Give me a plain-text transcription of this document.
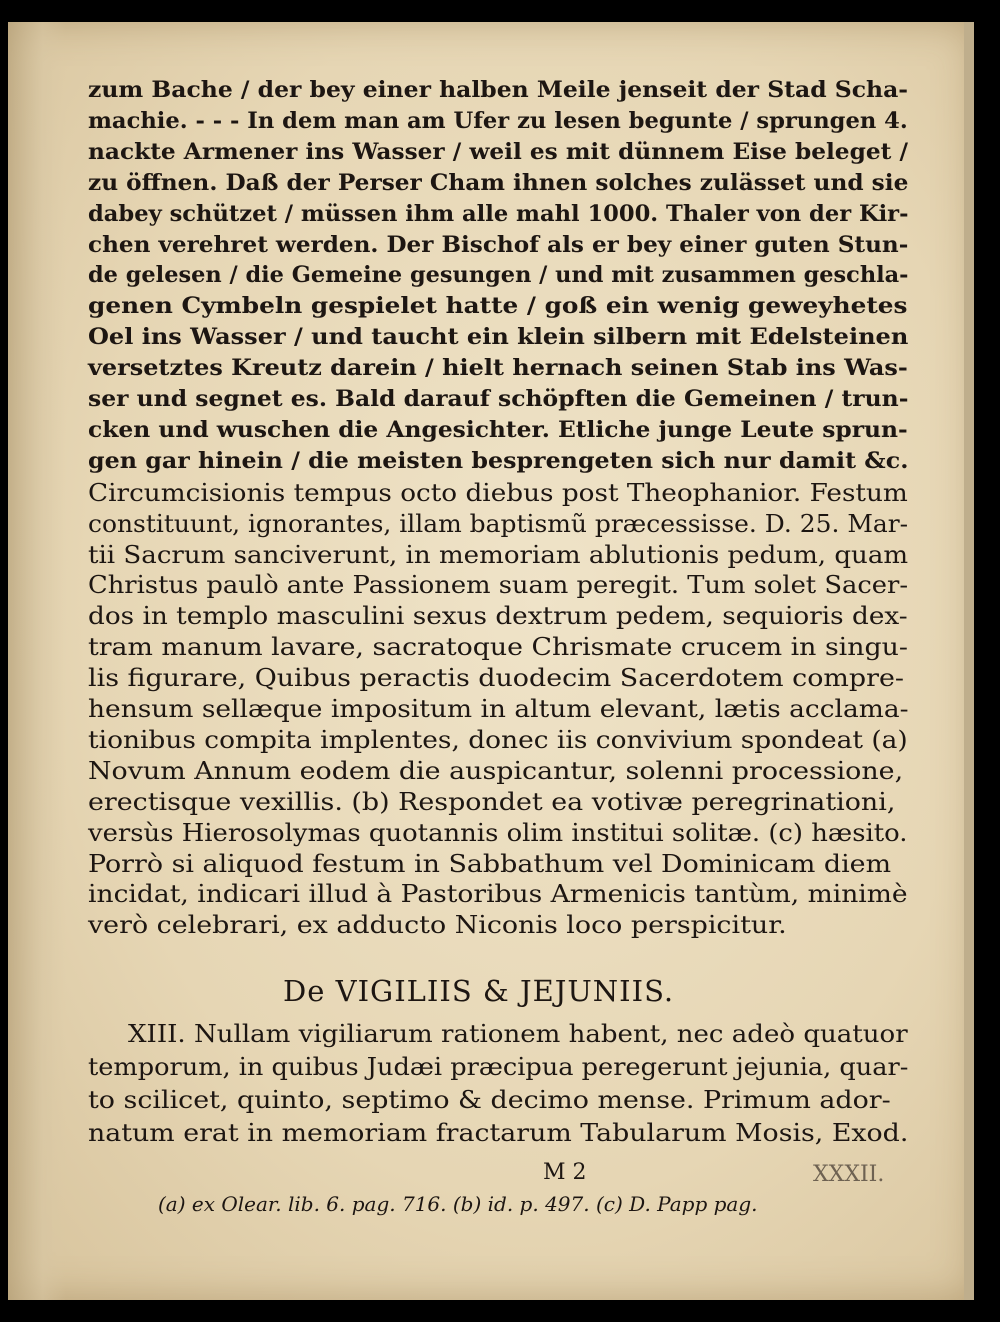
De VIGILIIS & JEJUNIIS.
M 2	XXXII.
(a) ex Olear. lib. 6. pag. 716. (b) id. p. 497. (c) D. Papp pag.
zum Bache / der bey einer halben Meile jenseit der Stad Scha-
machie. - - - In dem man am Ufer zu lesen begunte / sprungen 4.
nackte Armener ins Wasser / weil es mit dünnem Eise beleget /
zu öffnen. Daß der Perser Cham ihnen solches zulässet und sie
dabey schützet / müssen ihm alle mahl 1000. Thaler von der Kir-
chen verehret werden. Der Bischof als er bey einer guten Stun-
de gelesen / die Gemeine gesungen / und mit zusammen geschla-
genen Cymbeln gespielet hatte / goß ein wenig geweyhetes
Oel ins Wasser / und taucht ein klein silbern mit Edelsteinen
versetztes Kreutz darein / hielt hernach seinen Stab ins Was-
ser und segnet es. Bald darauf schöpften die Gemeinen / trun-
cken und wuschen die Angesichter. Etliche junge Leute sprun-
gen gar hinein / die meisten besprengeten sich nur damit &c.
Circumcisionis tempus octo diebus post Theophanior. Festum
constituunt, ignorantes, illam baptismũ præcessisse. D. 25. Mar-
tii Sacrum sanciverunt, in memoriam ablutionis pedum, quam
Christus paulò ante Passionem suam peregit. Tum solet Sacer-
dos in templo masculini sexus dextrum pedem, sequioris dex-
tram manum lavare, sacratoque Chrismate crucem in singu-
lis figurare, Quibus peractis duodecim Sacerdotem compre-
hensum sellæque impositum in altum elevant, lætis acclama-
tionibus compita implentes, donec iis convivium spondeat (a)
Novum Annum eodem die auspicantur, solenni processione,
erectisque vexillis. (b) Respondet ea votivæ peregrinationi,
versùs Hierosolymas quotannis olim institui solitæ. (c) hæsito.
Porrò si aliquod festum in Sabbathum vel Dominicam diem
incidat, indicari illud à Pastoribus Armenicis tantùm, minimè
verò celebrari, ex adducto Niconis loco perspicitur.
XIII. Nullam vigiliarum rationem habent, nec adeò quatuor
temporum, in quibus Judæi præcipua peregerunt jejunia, quar-
to scilicet, quinto, septimo & decimo mense. Primum ador-
natum erat in memoriam fractarum Tabularum Mosis, Exod.
